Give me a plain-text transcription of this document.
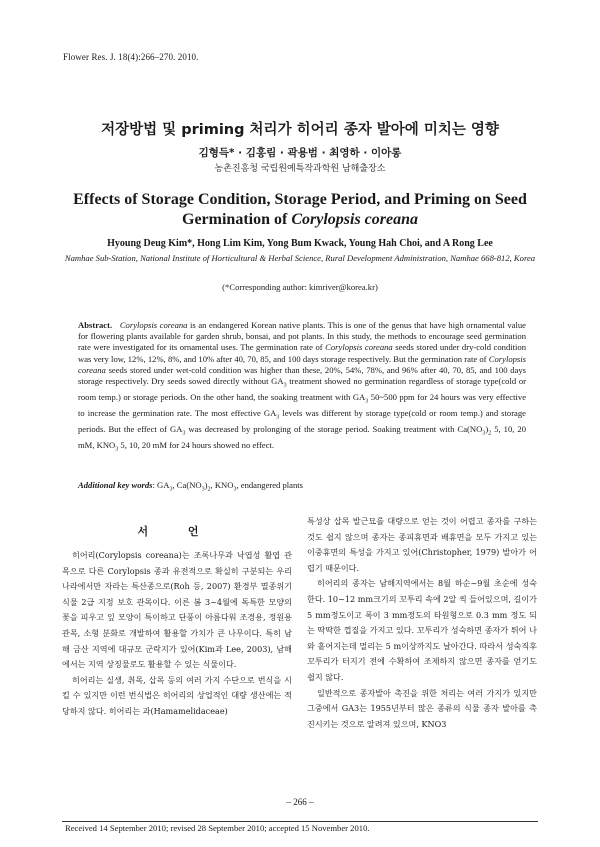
Flower Res. J. 18(4):266–270. 2010.
저장방법 및 priming 처리가 히어리 종자 발아에 미치는 영향
김형득* · 김홍림 · 곽용범 · 최영하 · 이아롱
농촌진흥청 국립원예특작과학원 남해출장소
Effects of Storage Condition, Storage Period, and Priming on Seed
Germination of Corylopsis coreana
Hyoung Deug Kim*, Hong Lim Kim, Yong Bum Kwack, Young Hah Choi, and A Rong Lee
Namhae Sub-Station, National Institute of Horticultural & Herbal Science, Rural Development Administration, Namhae 668-812, Korea
(*Corresponding author: kimriver@korea.kr)
Abstract. Corylopsis coreana is an endangered Korean native plants. This is one of the genus that have high ornamental value for flowering plants available for garden shrub, bonsai, and pot plants. In this study, the methods to encourage seed germination rate were investigated for its ornamental uses. The germination rate of Corylopsis coreana seeds stored under dry-cold condition was very low, 12%, 12%, 8%, and 10% after 40, 70, 85, and 100 days storage respectively. But the germination rate of Corylopsis coreana seeds stored under wet-cold condition was higher than these, 20%, 54%, 78%, and 96% after 40, 70, 85, and 100 days storage respectively. Dry seeds sowed directly without $GA_3$ treatment showed no germination regardless of storage type(cold or room temp.) or storage periods. On the other hand, the soaking treatment with $GA_3$ 50~500 ppm for 24 hours was very effective to increase the germination rate. The most effective $GA_3$ levels was different by storage type(cold or room temp.) and storage periods. But the effect of $GA_3$ was decreased by prolonging of the storage period. Soaking treatment with $Ca(NO_3)_2$ 5, 10, 20 mM, $KNO_3$ 5, 10, 20 mM for 24 hours showed no effect.
Additional key words: $GA_3$, $Ca(NO_3)_2$, $KNO_3$, endangered plants
서 언

히어리(Corylopsis coreana)는 조록나무과 낙엽성 활엽 관목으로 다른 Corylopsis 종과 유전적으로 확실히 구분되는 우리나라에서만 자라는 특산종으로(Roh 등, 2007) 환경부 멸종위기 식물 2급 지정 보호 관목이다. 이른 봄 3~4월에 독특한 모양의 꽃을 피우고 잎 모양이 특이하고 단풍이 아름다워 조경용, 정원용 관목, 소형 분화로 개발하여 활용할 가치가 큰 나무이다. 특히 남해 금산 지역에 대규모 군락지가 있어(Kim과 Lee, 2003), 남해에서는 지역 상징물로도 활용할 수 있는 식물이다.

히어리는 실생, 취목, 삽목 등의 여러 가지 수단으로 번식을 시킬 수 있지만 이런 번식법은 히어리의 상업적인 대량 생산에는 적당하지 않다. 히어리는 과(Hamamelidaceae)

특성상 삽목 발근묘를 대량으로 얻는 것이 어렵고 종자를 구하는 것도 쉽지 않으며 종자는 종피휴면과 배휴면을 모두 가지고 있는 이중휴면의 특성을 가지고 있어(Christopher, 1979) 발아가 어렵기 때문이다.

히어리의 종자는 남해지역에서는 8월 하순~9월 초순에 성숙한다. 10~12 mm크기의 꼬투리 속에 2알 씩 들어있으며, 길이가 5 mm정도이고 폭이 3 mm정도의 타원형으로 0.3 mm 정도 되는 딱딱한 껍질을 가지고 있다. 꼬투리가 성숙하면 종자가 튀어 나와 흩어지는데 멀리는 5 m이상까지도 날아간다. 따라서 성숙직후 꼬투리가 터지기 전에 수확하여 조제하지 않으면 종자를 얻기도 쉽지 않다.

일반적으로 종자발아 촉진을 위한 처리는 여러 가지가 있지만 그중에서 GA3는 1955년부터 많은 종류의 식물 종자 발아를 촉진시키는 것으로 알려져 있으며, KNO3

– 266 –
Received 14 September 2010; revised 28 September 2010; accepted 15 November 2010.
